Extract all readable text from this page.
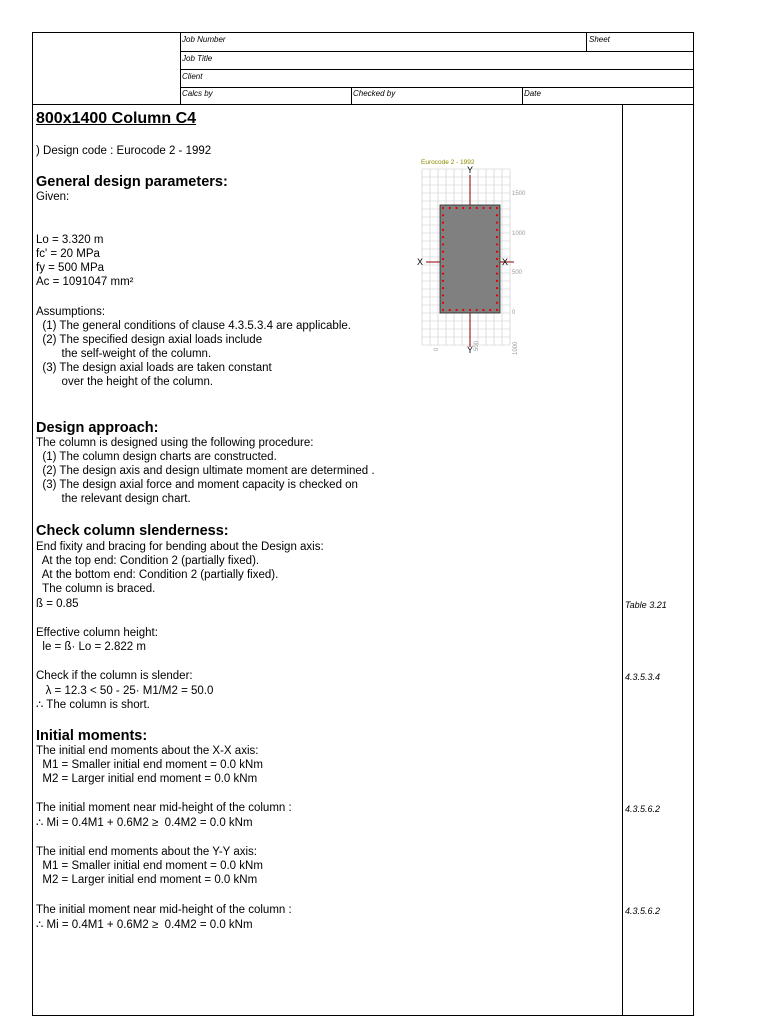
Job Number	Sheet
Job Title
Client
Calcs by	Checked by	Date
800x1400 Column C4
) Design code : Eurocode 2 - 1992
General design parameters:
Given:
Lo = 3.320 m
fc' = 20 MPa
fy = 500 MPa
Ac = 1091047 mm²
Assumptions:
(1) The general conditions of clause 4.3.5.3.4 are applicable.
(2) The specified design axial loads include
the self-weight of the column.
(3) The design axial loads are taken constant
over the height of the column.
Design approach:
The column is designed using the following procedure:
(1) The column design charts are constructed.
(2) The design axis and design ultimate moment are determined .
(3) The design axial force and moment capacity is checked on
the relevant design chart.
Check column slenderness:
End fixity and bracing for bending about the Design axis:
At the top end: Condition 2 (partially fixed).
At the bottom end: Condition 2 (partially fixed).
The column is braced.
ß = 0.85	Table 3.21
Effective column height:
le = ß· Lo = 2.822 m
Check if the column is slender:	4.3.5.3.4
λ = 12.3 < 50 - 25· M1/M2 = 50.0
∴ The column is short.
Initial moments:
The initial end moments about the X-X axis:
M1 = Smaller initial end moment = 0.0 kNm
M2 = Larger initial end moment = 0.0 kNm
The initial moment near mid-height of the column :	4.3.5.6.2
∴ Mi = 0.4M1 + 0.6M2 ≥  0.4M2 = 0.0 kNm
The initial end moments about the Y-Y axis:
M1 = Smaller initial end moment = 0.0 kNm
M2 = Larger initial end moment = 0.0 kNm
The initial moment near mid-height of the column :	4.3.5.6.2
∴ Mi = 0.4M1 + 0.6M2 ≥  0.4M2 = 0.0 kNm
Eurocode 2 - 1992
X	X
Y
Y
1500
1000
500
0
0	500	1000
